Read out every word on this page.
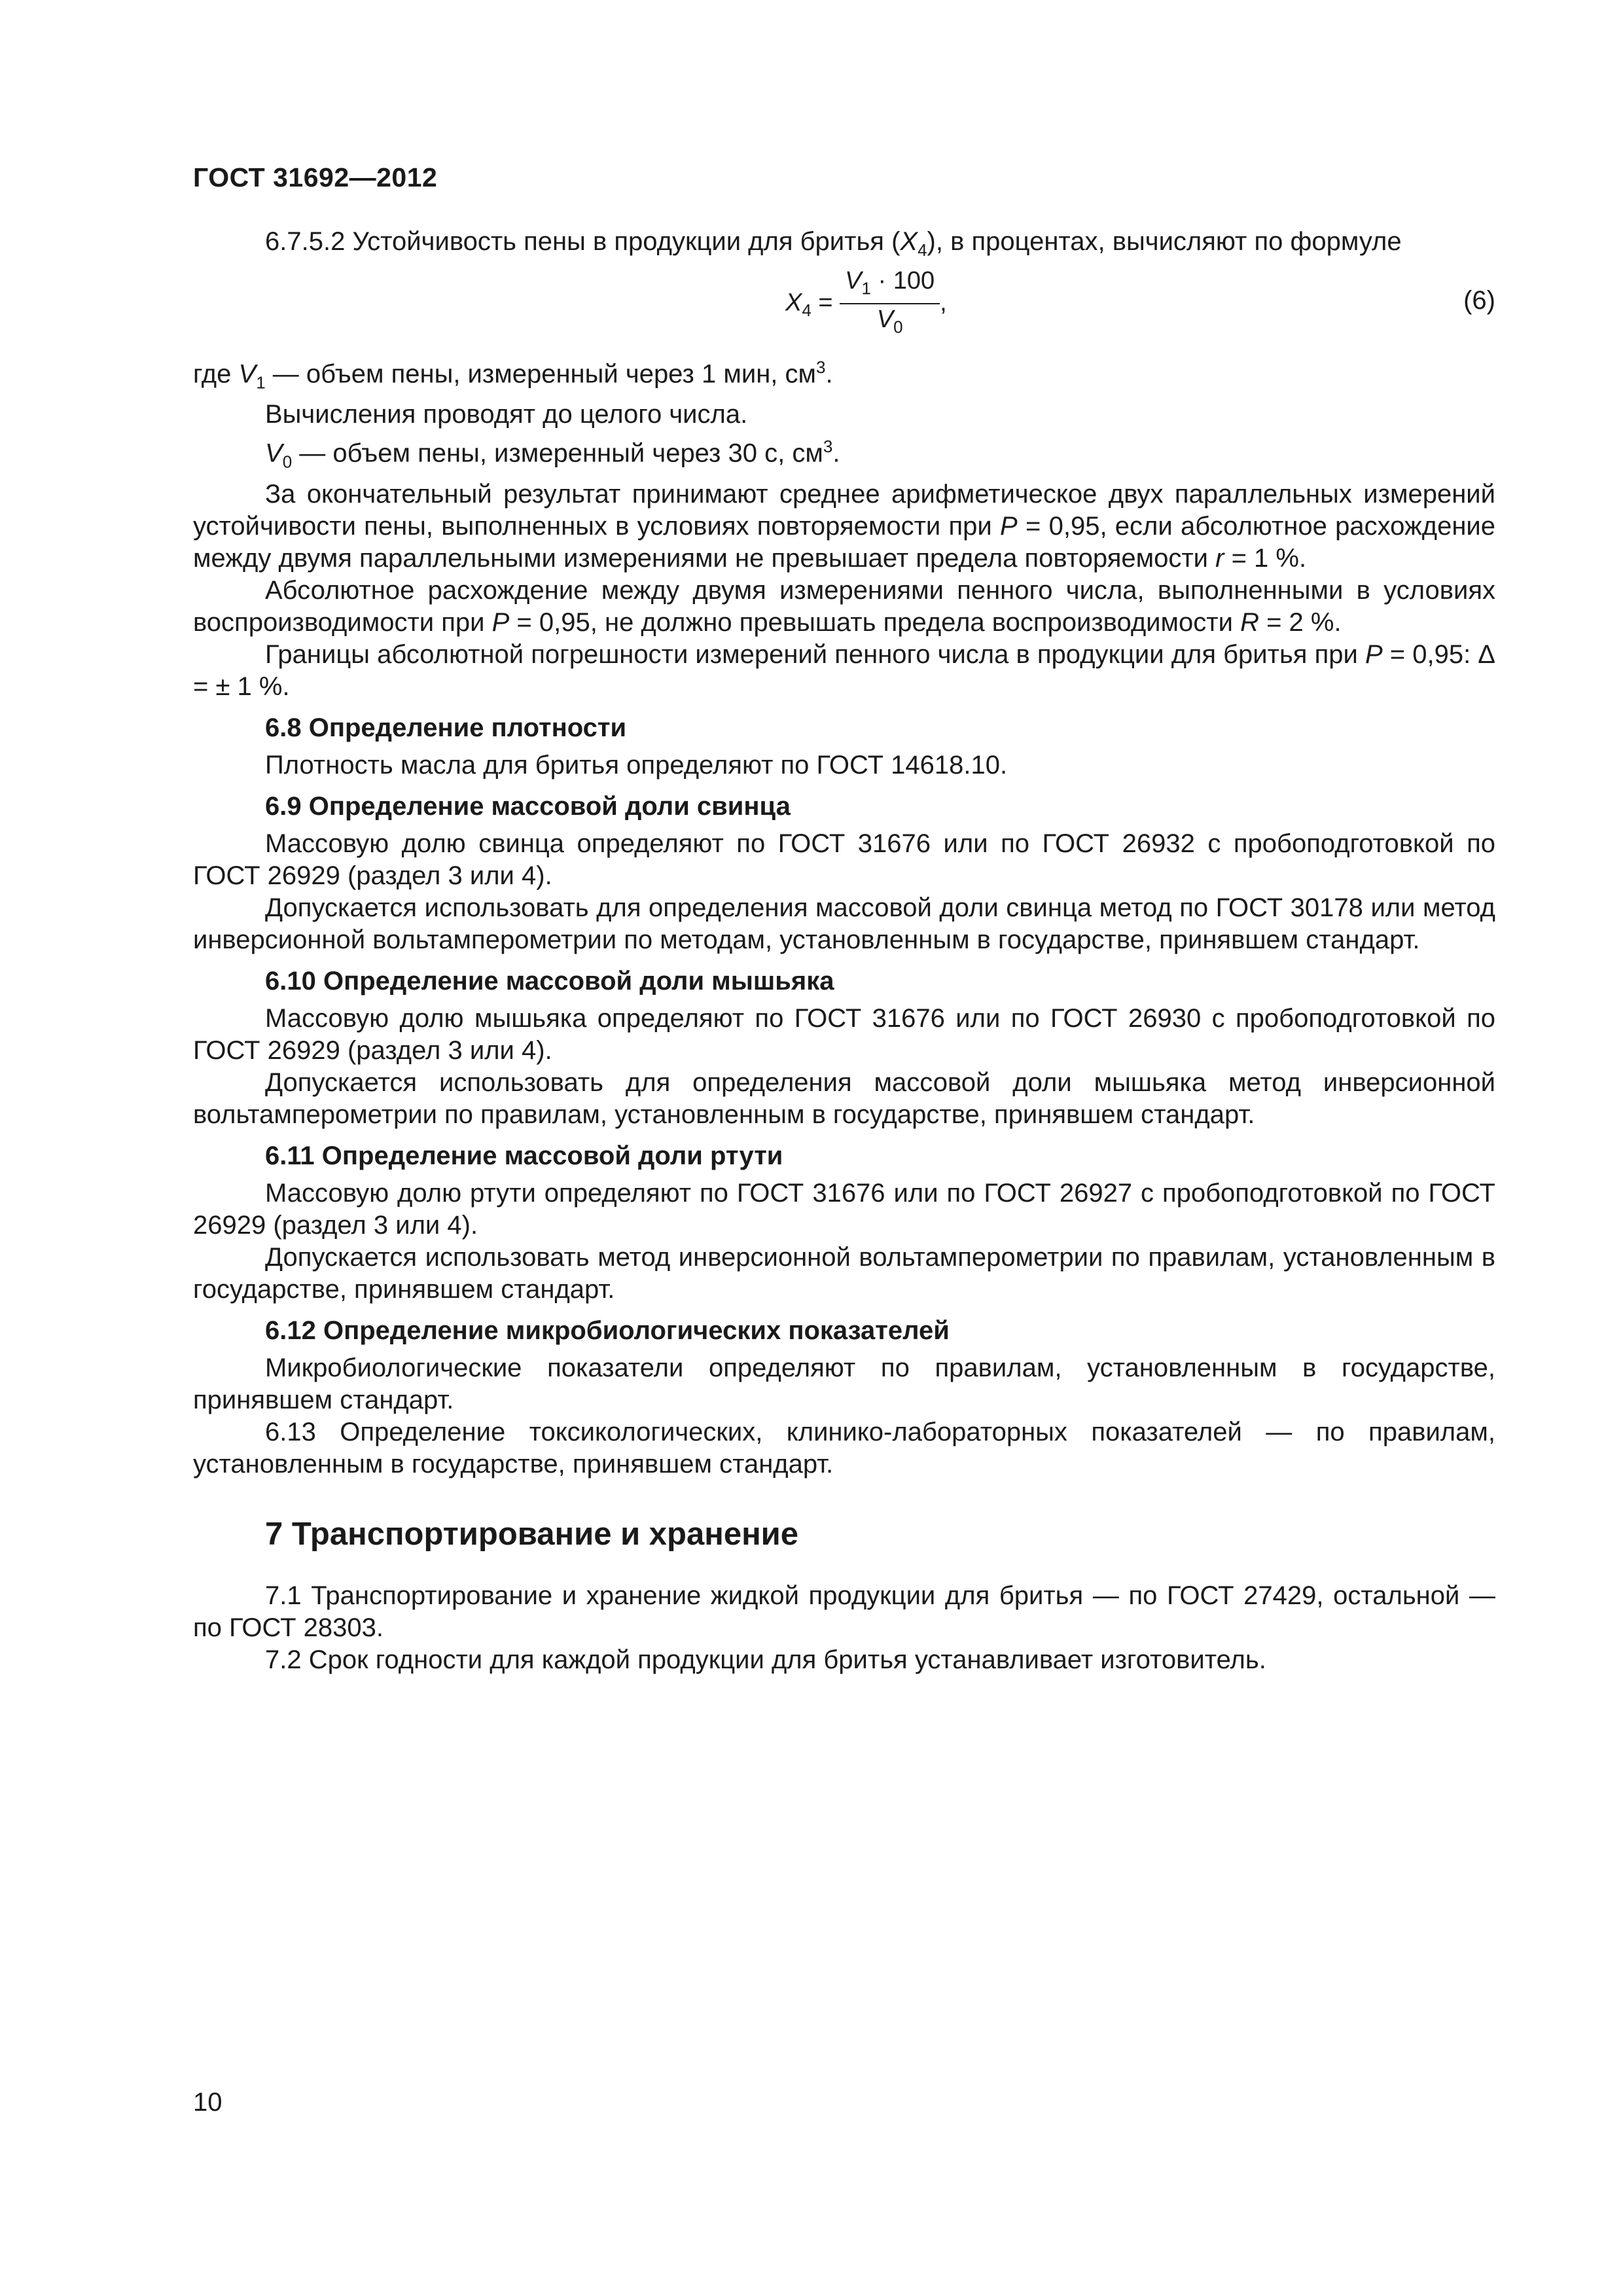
ГОСТ 31692—2012

6.7.5.2 Устойчивость пены в продукции для бритья $(X_4)$, в процентах, вычисляют по формуле

$X_4 = \frac{V_1 \cdot 100}{V_0}$ ,	(6)

где $V_1$ — объем пены, измеренный через 1 мин, $см^3$.

Вычисления проводят до целого числа.

$V_0$ — объем пены, измеренный через 30 с, $см^3$.

За окончательный результат принимают среднее арифметическое двух параллельных измерений устойчивости пены, выполненных в условиях повторяемости при P = 0,95, если абсолютное расхождение между двумя параллельными измерениями не превышает предела повторяемости r = 1 %.

Абсолютное расхождение между двумя измерениями пенного числа, выполненными в условиях воспроизводимости при P = 0,95, не должно превышать предела воспроизводимости R = 2 %.

Границы абсолютной погрешности измерений пенного числа в продукции для бритья при P = 0,95: Δ = ± 1 %.

6.8 Определение плотности

Плотность масла для бритья определяют по ГОСТ 14618.10.

6.9 Определение массовой доли свинца

Массовую долю свинца определяют по ГОСТ 31676 или по ГОСТ 26932 с пробоподготовкой по ГОСТ 26929 (раздел 3 или 4).

Допускается использовать для определения массовой доли свинца метод по ГОСТ 30178 или метод инверсионной вольтамперометрии по методам, установленным в государстве, принявшем стандарт.

6.10 Определение массовой доли мышьяка

Массовую долю мышьяка определяют по ГОСТ 31676 или по ГОСТ 26930 с пробоподготовкой по ГОСТ 26929 (раздел 3 или 4).

Допускается использовать для определения массовой доли мышьяка метод инверсионной вольтамперометрии по правилам, установленным в государстве, принявшем стандарт.

6.11 Определение массовой доли ртути

Массовую долю ртути определяют по ГОСТ 31676 или по ГОСТ 26927 с пробоподготовкой по ГОСТ 26929 (раздел 3 или 4).

Допускается использовать метод инверсионной вольтамперометрии по правилам, установленным в государстве, принявшем стандарт.

6.12 Определение микробиологических показателей

Микробиологические показатели определяют по правилам, установленным в государстве, принявшем стандарт.

6.13 Определение токсикологических, клинико-лабораторных показателей — по правилам, установленным в государстве, принявшем стандарт.

7 Транспортирование и хранение

7.1 Транспортирование и хранение жидкой продукции для бритья — по ГОСТ 27429, остальной — по ГОСТ 28303.

7.2 Срок годности для каждой продукции для бритья устанавливает изготовитель.

10
